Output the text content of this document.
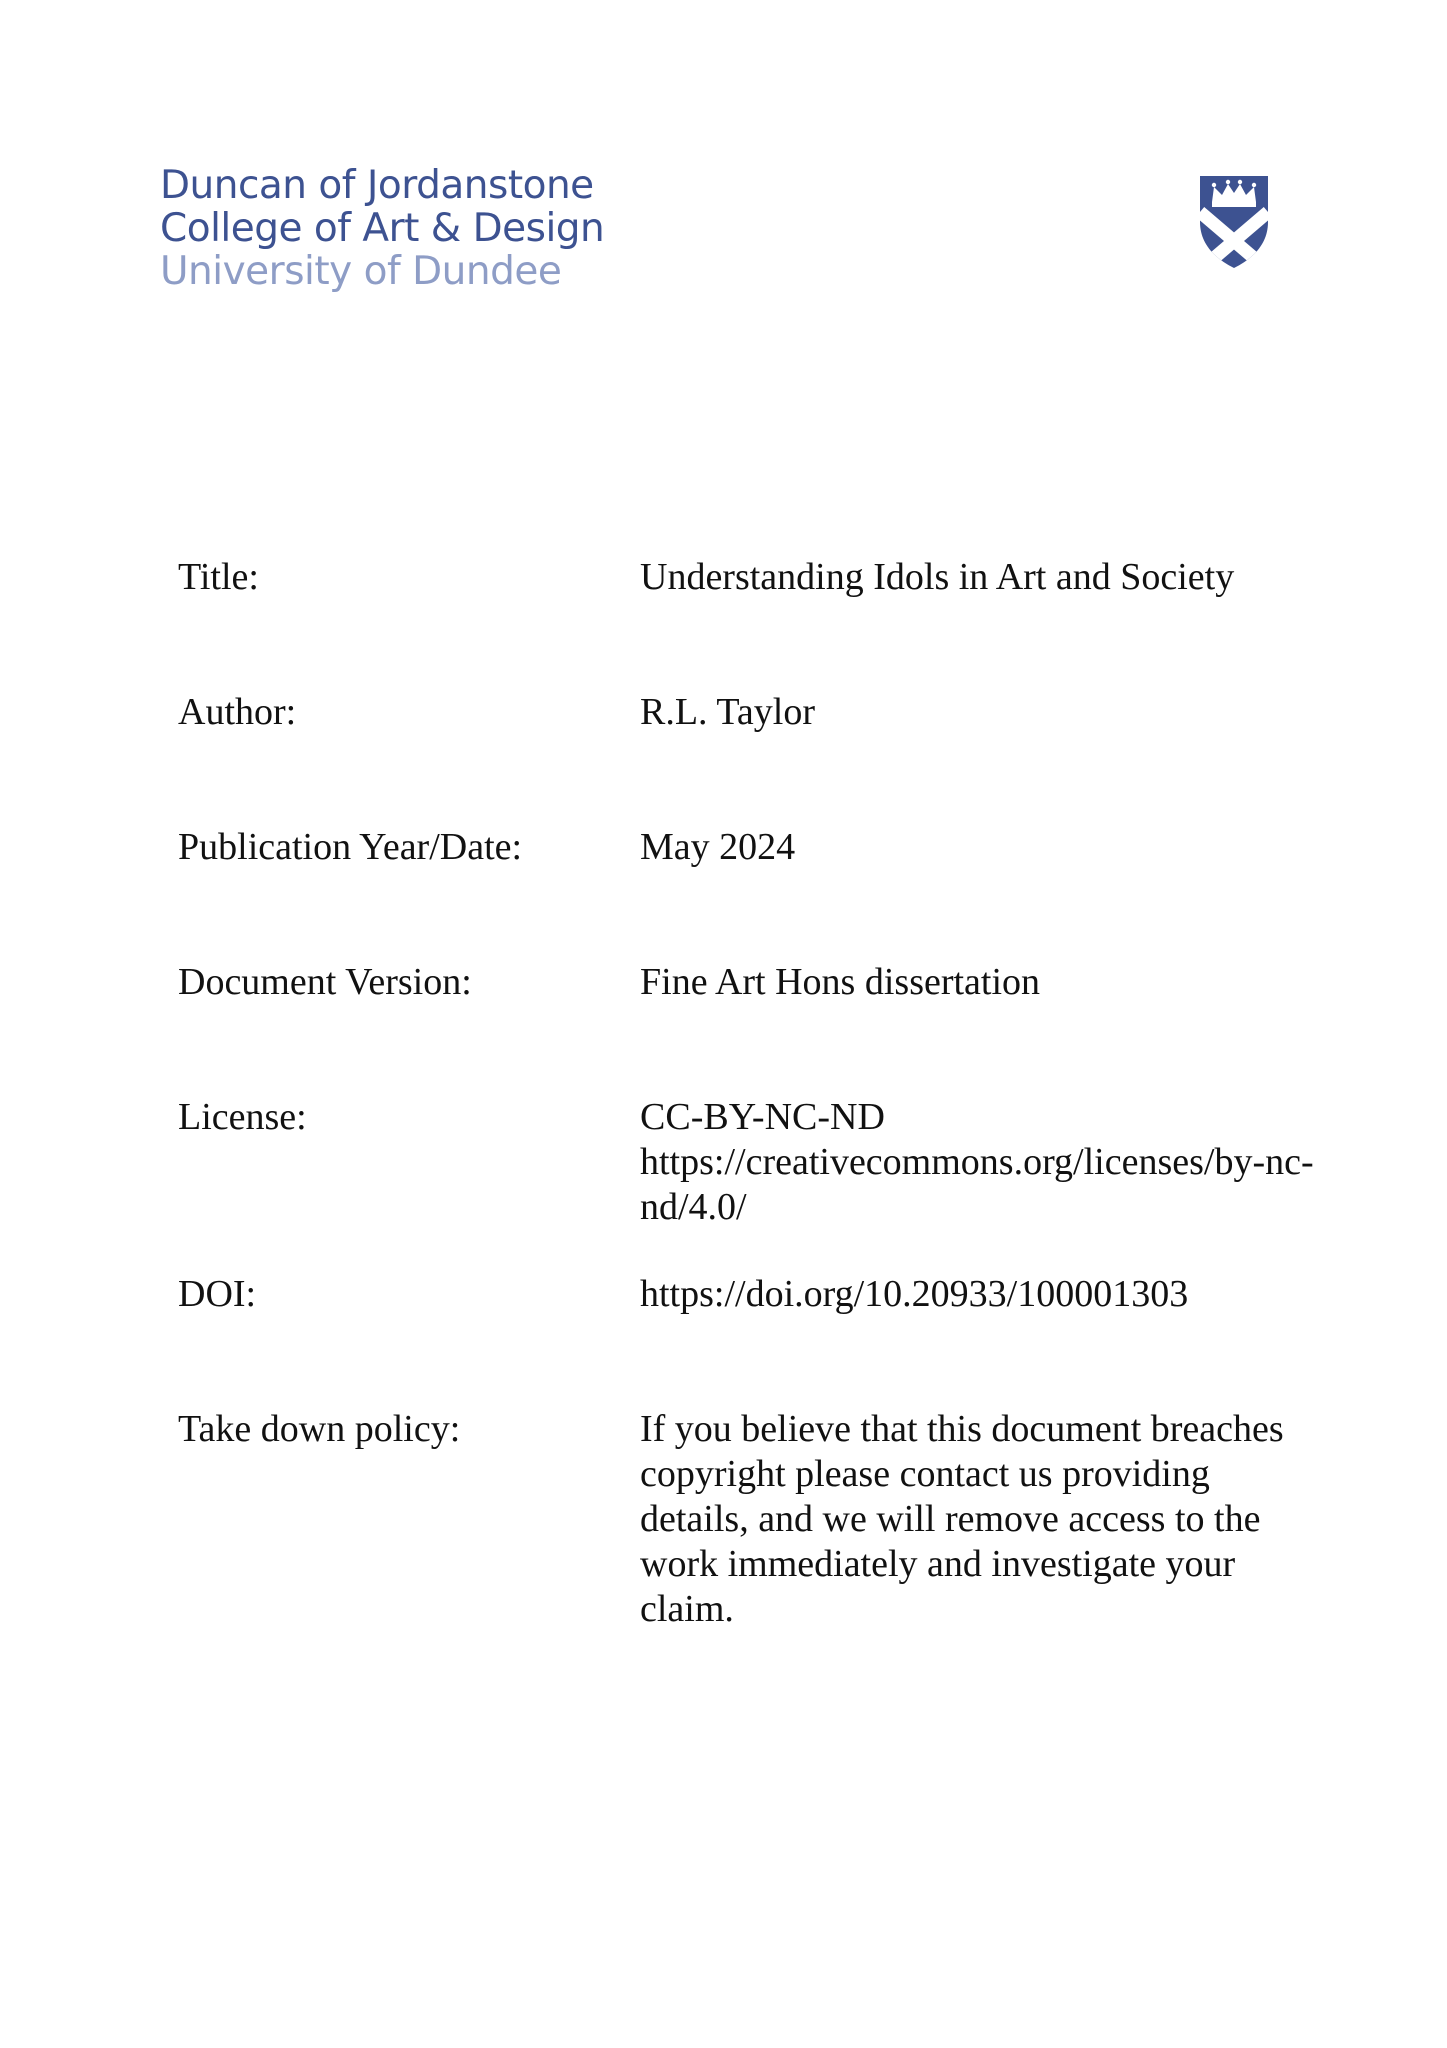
Duncan of Jordanstone
College of Art & Design
University of Dundee
Title:	Understanding Idols in Art and Society
Author:	R.L. Taylor
Publication Year/Date:	May 2024
Document Version:	Fine Art Hons dissertation
License:	CC-BY-NC-ND
https://creativecommons.org/licenses/by-nc-
nd/4.0/
DOI:	https://doi.org/10.20933/100001303
Take down policy:	If you believe that this document breaches
copyright please contact us providing
details, and we will remove access to the
work immediately and investigate your
claim.
